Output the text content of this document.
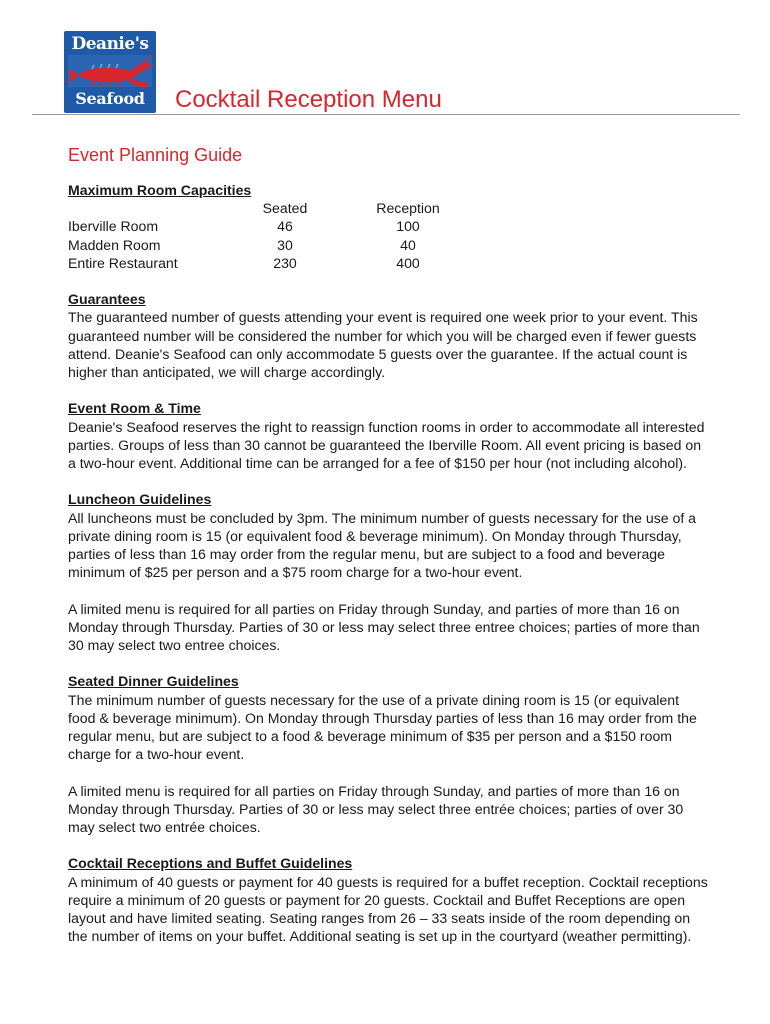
Deanie's
Seafood	Cocktail Reception Menu
Event Planning Guide
Maximum Room Capacities
	Seated	Reception
Iberville Room	46	100
Madden Room	30	40
Entire Restaurant	230	400
Guarantees

The guaranteed number of guests attending your event is required one week prior to your event. This guaranteed number will be considered the number for which you will be charged even if fewer guests attend. Deanie's Seafood can only accommodate 5 guests over the guarantee. If the actual count is higher than anticipated, we will charge accordingly.

Event Room & Time

Deanie's Seafood reserves the right to reassign function rooms in order to accommodate all interested parties. Groups of less than 30 cannot be guaranteed the Iberville Room. All event pricing is based on a two-hour event. Additional time can be arranged for a fee of $150 per hour (not including alcohol).

Luncheon Guidelines

All luncheons must be concluded by 3pm. The minimum number of guests necessary for the use of a private dining room is 15 (or equivalent food & beverage minimum). On Monday through Thursday, parties of less than 16 may order from the regular menu, but are subject to a food and beverage minimum of $25 per person and a $75 room charge for a two-hour event.

A limited menu is required for all parties on Friday through Sunday, and parties of more than 16 on Monday through Thursday. Parties of 30 or less may select three entree choices; parties of more than 30 may select two entree choices.

Seated Dinner Guidelines

The minimum number of guests necessary for the use of a private dining room is 15 (or equivalent food & beverage minimum). On Monday through Thursday parties of less than 16 may order from the regular menu, but are subject to a food & beverage minimum of $35 per person and a $150 room charge for a two-hour event.

A limited menu is required for all parties on Friday through Sunday, and parties of more than 16 on Monday through Thursday. Parties of 30 or less may select three entrée choices; parties of over 30 may select two entrée choices.

Cocktail Receptions and Buffet Guidelines

A minimum of 40 guests or payment for 40 guests is required for a buffet reception. Cocktail receptions require a minimum of 20 guests or payment for 20 guests. Cocktail and Buffet Receptions are open layout and have limited seating. Seating ranges from 26 – 33 seats inside of the room depending on the number of items on your buffet. Additional seating is set up in the courtyard (weather permitting).
